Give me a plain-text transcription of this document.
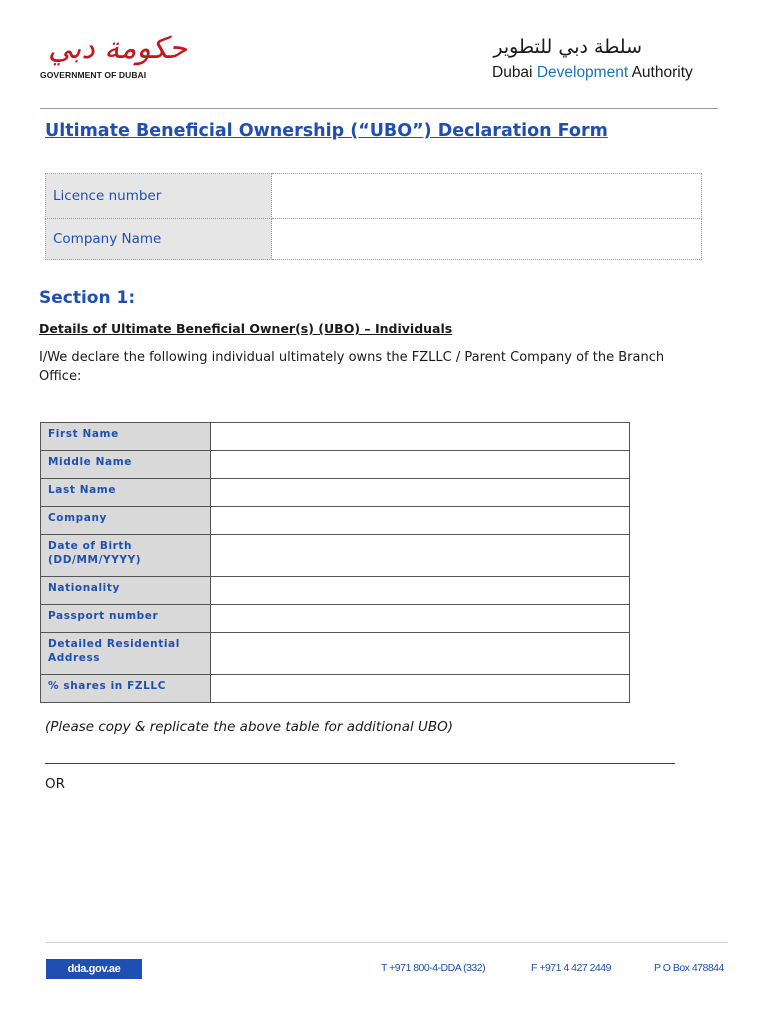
حكومة دبي
GOVERNMENT OF DUBAI
سلطة دبي للتطوير
Dubai Development Authority
Ultimate Beneficial Ownership (“UBO”) Declaration Form
Licence number	
Company Name	
Section 1:
Details of Ultimate Beneficial Owner(s) (UBO) – Individuals
I/We declare the following individual ultimately owns the FZLLC / Parent Company of the Branch Office:
First Name	
Middle Name	
Last Name	
Company	
Date of Birth (DD/MM/YYYY)	
Nationality	
Passport number	
Detailed Residential Address	
% shares in FZLLC	
(Please copy & replicate the above table for additional UBO)
OR
dda.gov.ae	T +971 800-4-DDA (332)	F +971 4 427 2449	P O Box 478844
